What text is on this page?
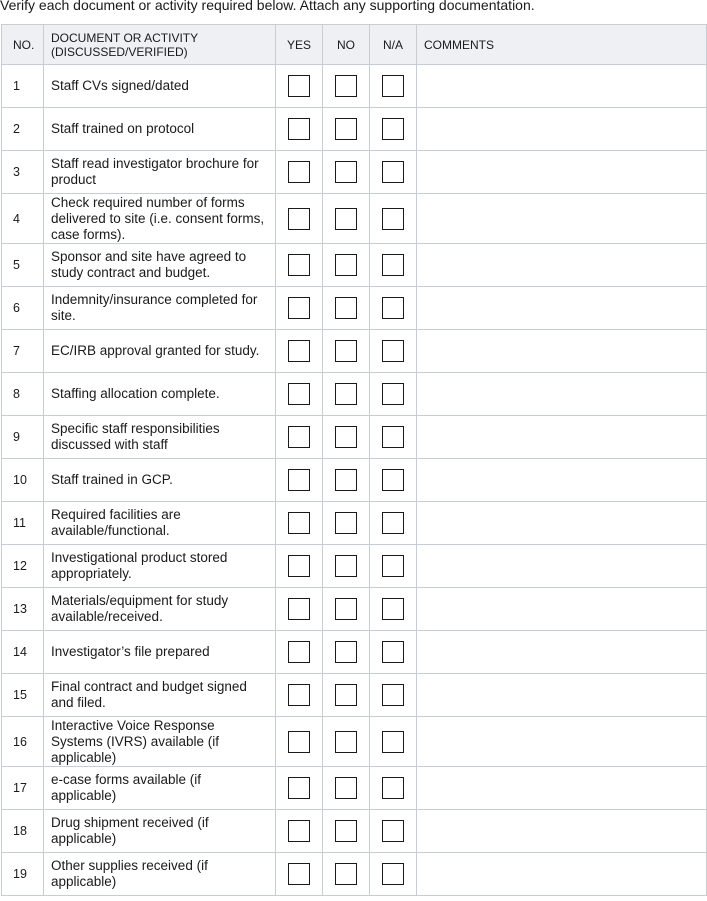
Verify each document or activity required below. Attach any supporting documentation.
NO.	DOCUMENT OR ACTIVITY (DISCUSSED/VERIFIED)	YES	NO	N/A	COMMENTS
1	Staff CVs signed/dated				
2	Staff trained on protocol				
3	Staff read investigator brochure for product				
4	Check required number of forms delivered to site (i.e. consent forms, case forms).				
5	Sponsor and site have agreed to study contract and budget.				
6	Indemnity/insurance completed for site.				
7	EC/IRB approval granted for study.				
8	Staffing allocation complete.				
9	Specific staff responsibilities discussed with staff				
10	Staff trained in GCP.				
11	Required facilities are available/functional.				
12	Investigational product stored appropriately.				
13	Materials/equipment for study available/received.				
14	Investigator’s file prepared				
15	Final contract and budget signed and filed.				
16	Interactive Voice Response Systems (IVRS) available (if applicable)				
17	e-case forms available (if applicable)				
18	Drug shipment received (if applicable)				
19	Other supplies received (if applicable)				
